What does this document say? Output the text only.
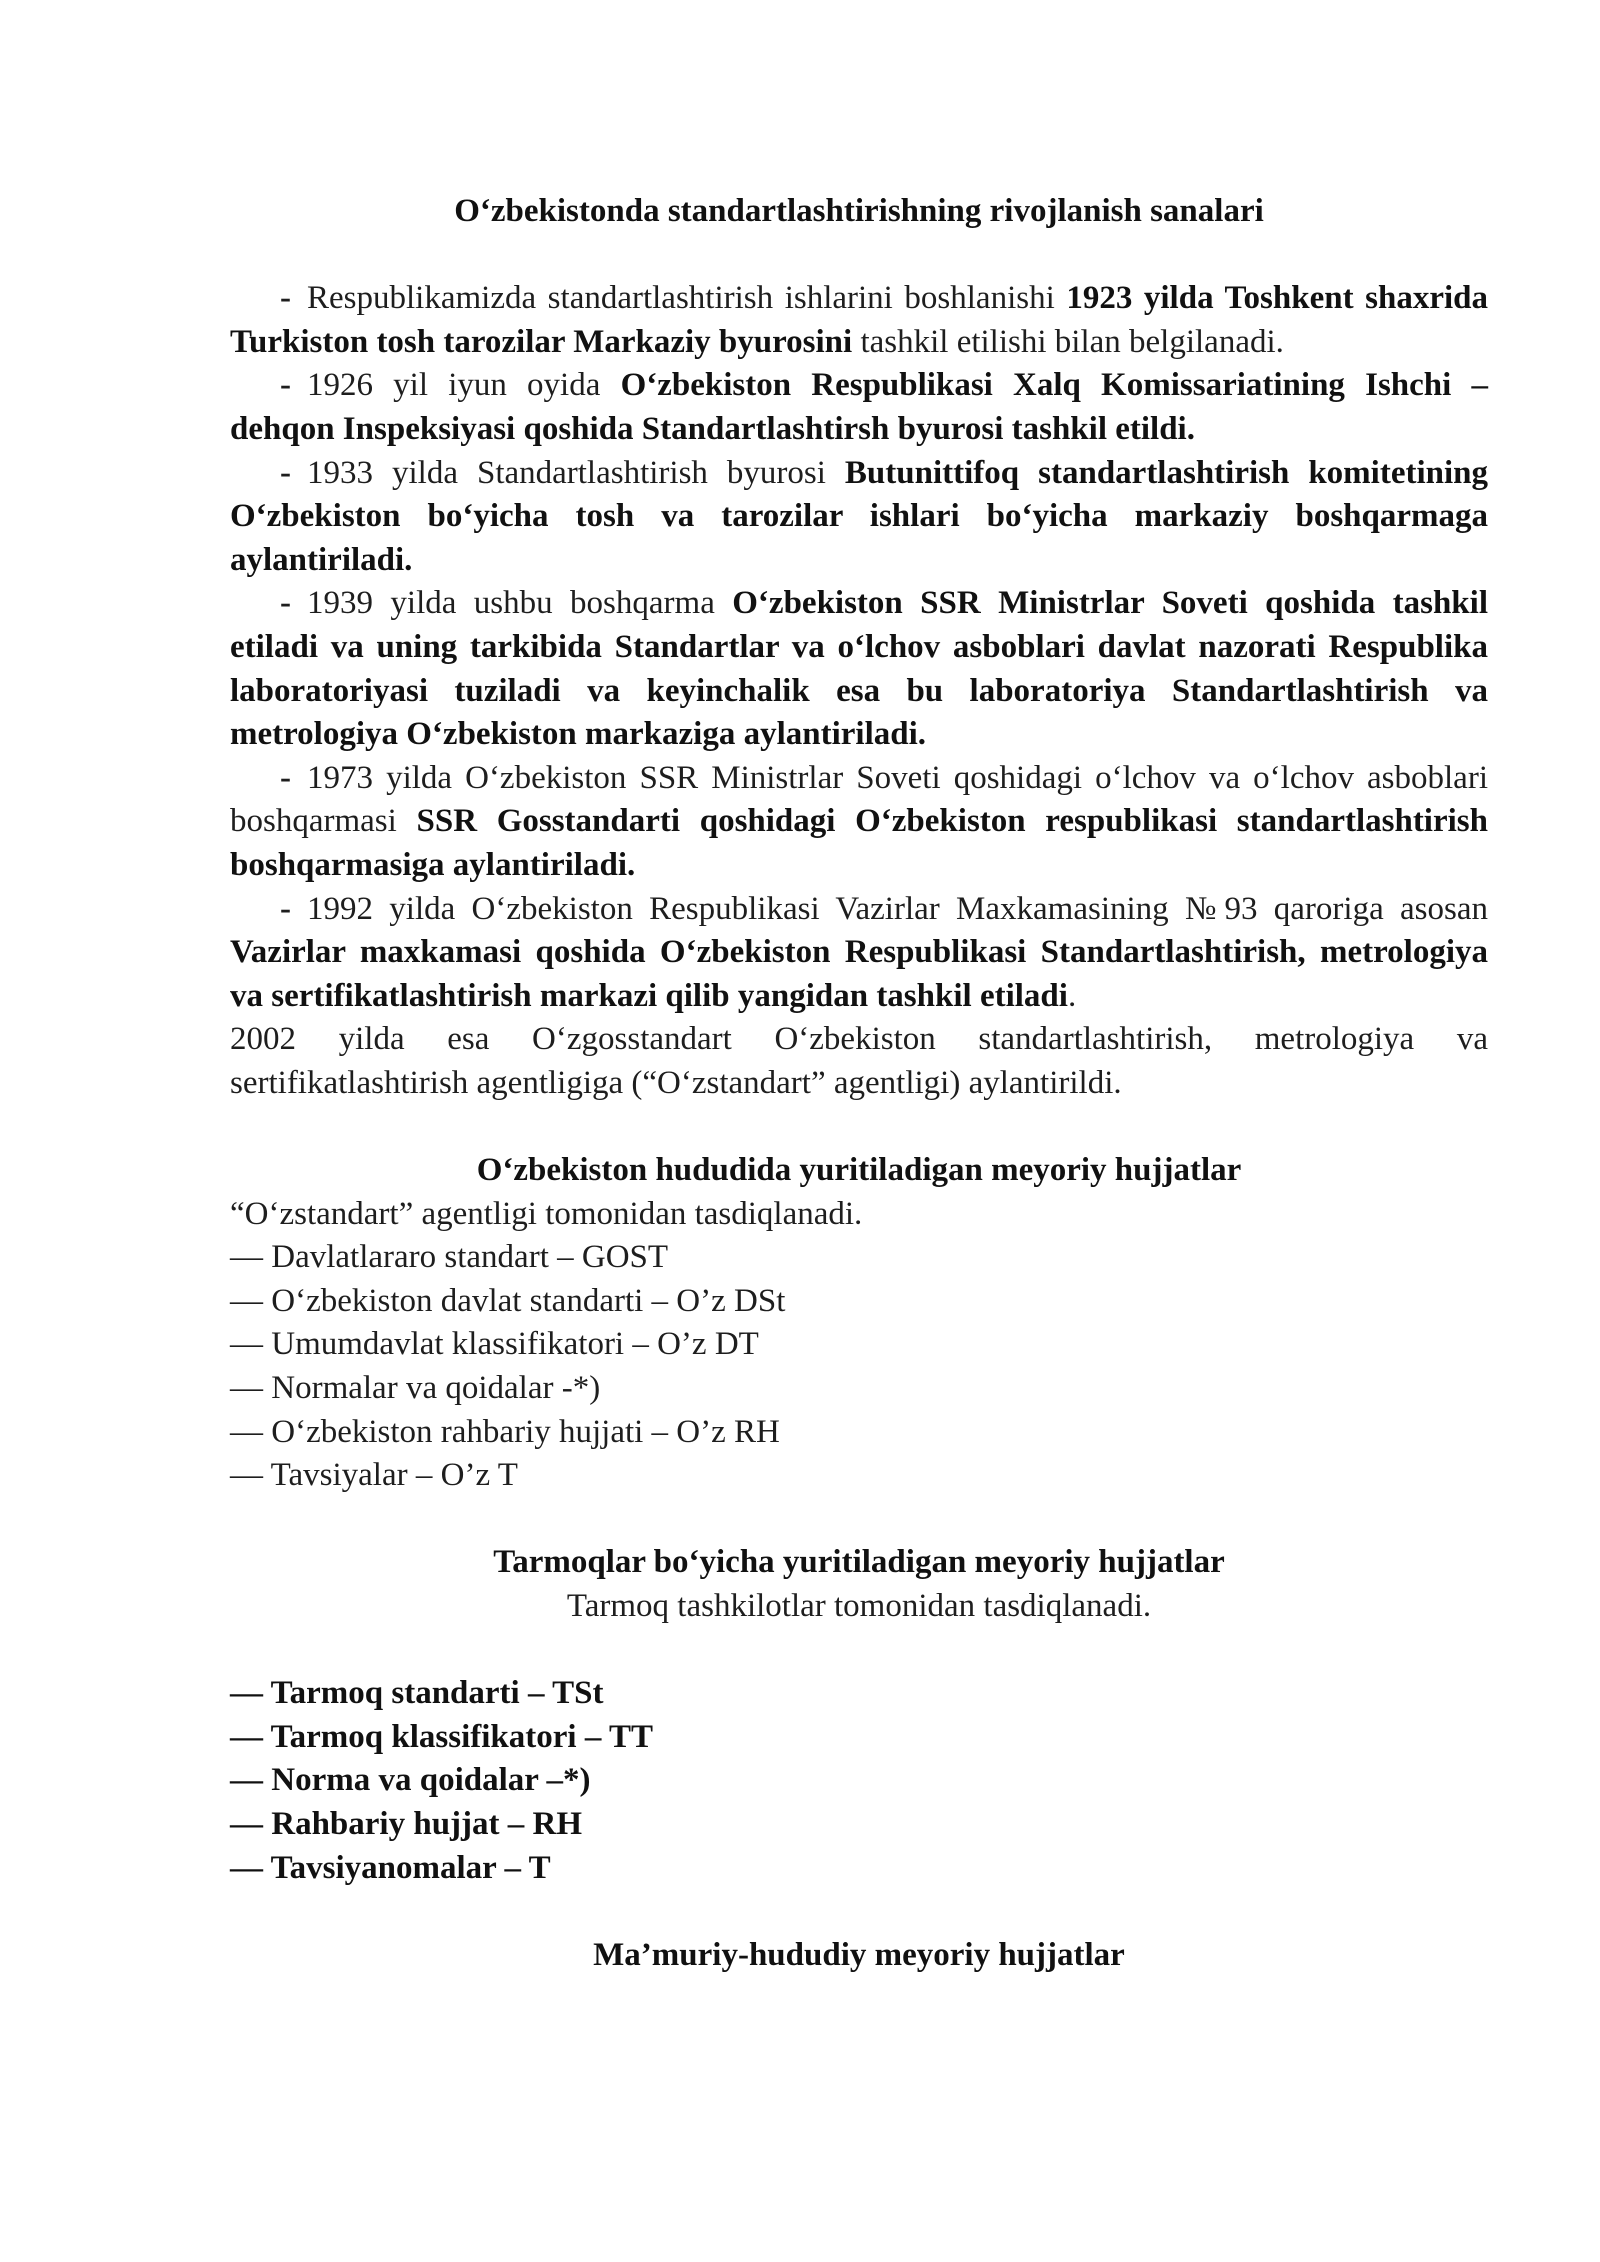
O‘zbekistonda standartlashtirishning rivojlanish sanalari

- Respublikamizda standartlashtirish ishlarini boshlanishi 1923 yilda Toshkent shaxrida Turkiston tosh tarozilar Markaziy byurosini tashkil etilishi bilan belgilanadi.

- 1926 yil iyun oyida O‘zbekiston Respublikasi Xalq Komissariatining Ishchi – dehqon Inspeksiyasi qoshida Standartlashtirsh byurosi tashkil etildi.

- 1933 yilda Standartlashtirish byurosi Butunittifoq standartlashtirish komitetining O‘zbekiston bo‘yicha tosh va tarozilar ishlari bo‘yicha markaziy boshqarmaga aylantiriladi.

- 1939 yilda ushbu boshqarma O‘zbekiston SSR Ministrlar Soveti qoshida tashkil etiladi va uning tarkibida Standartlar va o‘lchov asboblari davlat nazorati Respublika laboratoriyasi tuziladi va keyinchalik esa bu laboratoriya Standartlashtirish va metrologiya O‘zbekiston markaziga aylantiriladi.

- 1973 yilda O‘zbekiston SSR Ministrlar Soveti qoshidagi o‘lchov va o‘lchov asboblari boshqarmasi SSR Gosstandarti qoshidagi O‘zbekiston respublikasi standartlashtirish boshqarmasiga aylantiriladi.

- 1992 yilda O‘zbekiston Respublikasi Vazirlar Maxkamasining №93 qaroriga asosan Vazirlar maxkamasi qoshida O‘zbekiston Respublikasi Standartlashtirish, metrologiya va sertifikatlashtirish markazi qilib yangidan tashkil etiladi.

2002 yilda esa O‘zgosstandart O‘zbekiston standartlashtirish, metrologiya va sertifikatlashtirish agentligiga (“O‘zstandart” agentligi) aylantirildi.

O‘zbekiston hududida yuritiladigan meyoriy hujjatlar

“O‘zstandart” agentligi tomonidan tasdiqlanadi.

— Davlatlararo standart – GOST

— O‘zbekiston davlat standarti – O’z DSt

— Umumdavlat klassifikatori – O’z DT

— Normalar va qoidalar -*)

— O‘zbekiston rahbariy hujjati – O’z RH

— Tavsiyalar – O’z T

Tarmoqlar bo‘yicha yuritiladigan meyoriy hujjatlar

Tarmoq tashkilotlar tomonidan tasdiqlanadi.

— Tarmoq standarti – TSt

— Tarmoq klassifikatori – TT

— Norma va qoidalar –*)

— Rahbariy hujjat – RH

— Tavsiyanomalar – T

Ma’muriy-hududiy meyoriy hujjatlar
